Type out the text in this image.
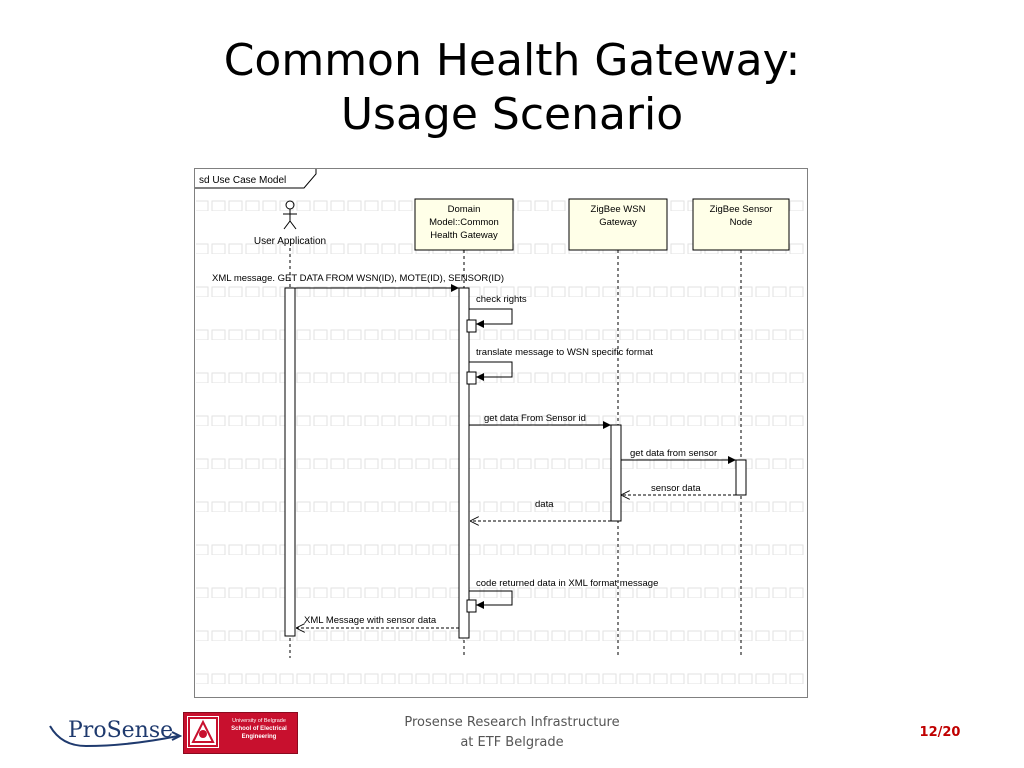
Common Health Gateway:
Usage Scenario
sd Use Case Model
User Application
Domain
Model::Common
Health Gateway
ZigBee WSN
Gateway
ZigBee Sensor
Node
XML message. GET DATA FROM WSN(ID), MOTE(ID), SENSOR(ID)
check rights
translate message to WSN specific format
get data From Sensor id
get data from sensor
sensor data
data
code returned data in XML format message
XML Message with sensor data
ProSense	University of Belgrade
School of Electrical
Engineering
Prosense Research Infrastructure
at ETF Belgrade
12/20
